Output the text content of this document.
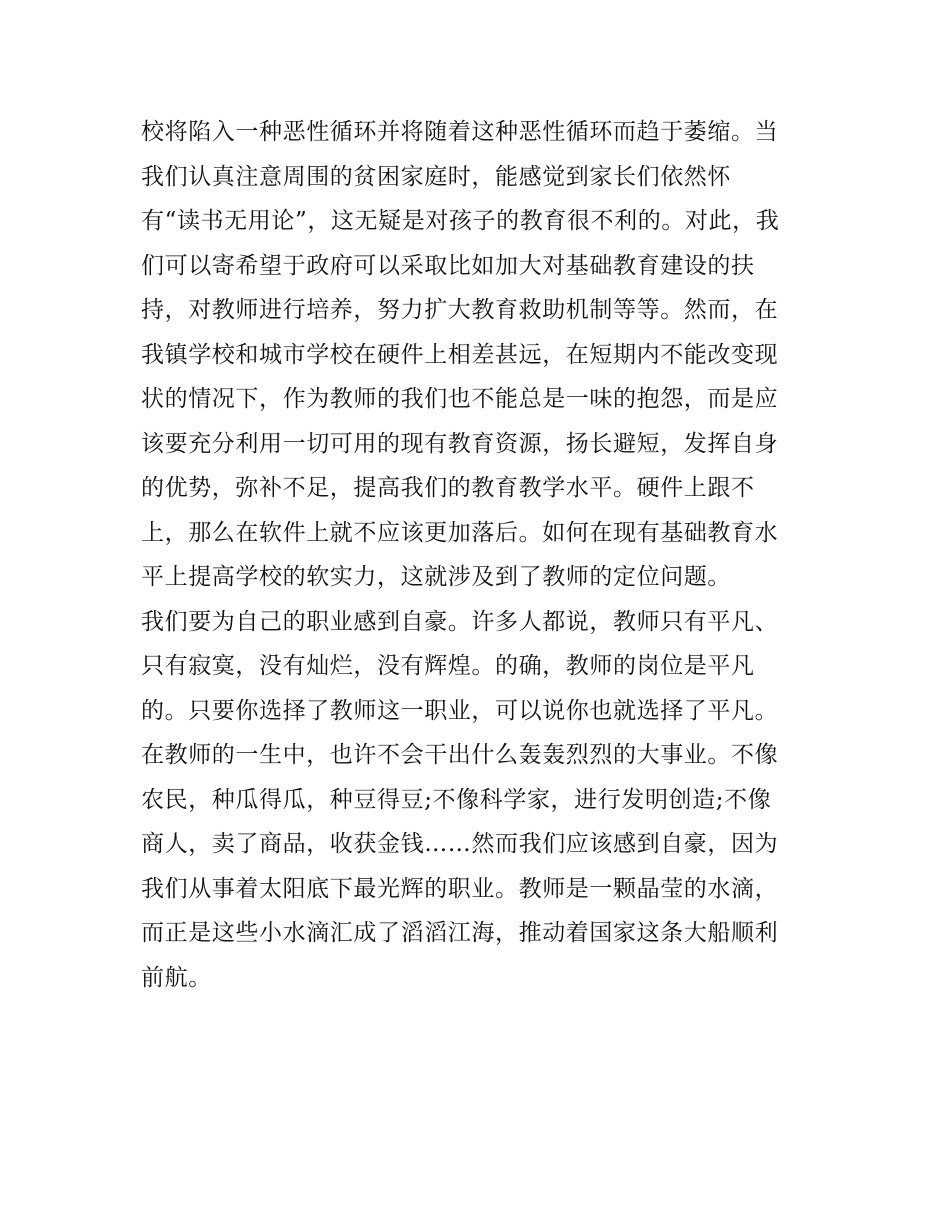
校将陷入一种恶性循环并将随着这种恶性循环而趋于萎缩。当
我们认真注意周围的贫困家庭时，能感觉到家长们依然怀
有“读书无用论”，这无疑是对孩子的教育很不利的。对此，我
们可以寄希望于政府可以采取比如加大对基础教育建设的扶
持，对教师进行培养，努力扩大教育救助机制等等。然而，在
我镇学校和城市学校在硬件上相差甚远，在短期内不能改变现
状的情况下，作为教师的我们也不能总是一味的抱怨，而是应
该要充分利用一切可用的现有教育资源，扬长避短，发挥自身
的优势，弥补不足，提高我们的教育教学水平。硬件上跟不
上，那么在软件上就不应该更加落后。如何在现有基础教育水
平上提高学校的软实力，这就涉及到了教师的定位问题。
我们要为自己的职业感到自豪。许多人都说，教师只有平凡、
只有寂寞，没有灿烂，没有辉煌。的确，教师的岗位是平凡
的。只要你选择了教师这一职业，可以说你也就选择了平凡。
在教师的一生中，也许不会干出什么轰轰烈烈的大事业。不像
农民，种瓜得瓜，种豆得豆;不像科学家，进行发明创造;不像
商人，卖了商品，收获金钱……然而我们应该感到自豪，因为
我们从事着太阳底下最光辉的职业。教师是一颗晶莹的水滴，
而正是这些小水滴汇成了滔滔江海，推动着国家这条大船顺利
前航。
